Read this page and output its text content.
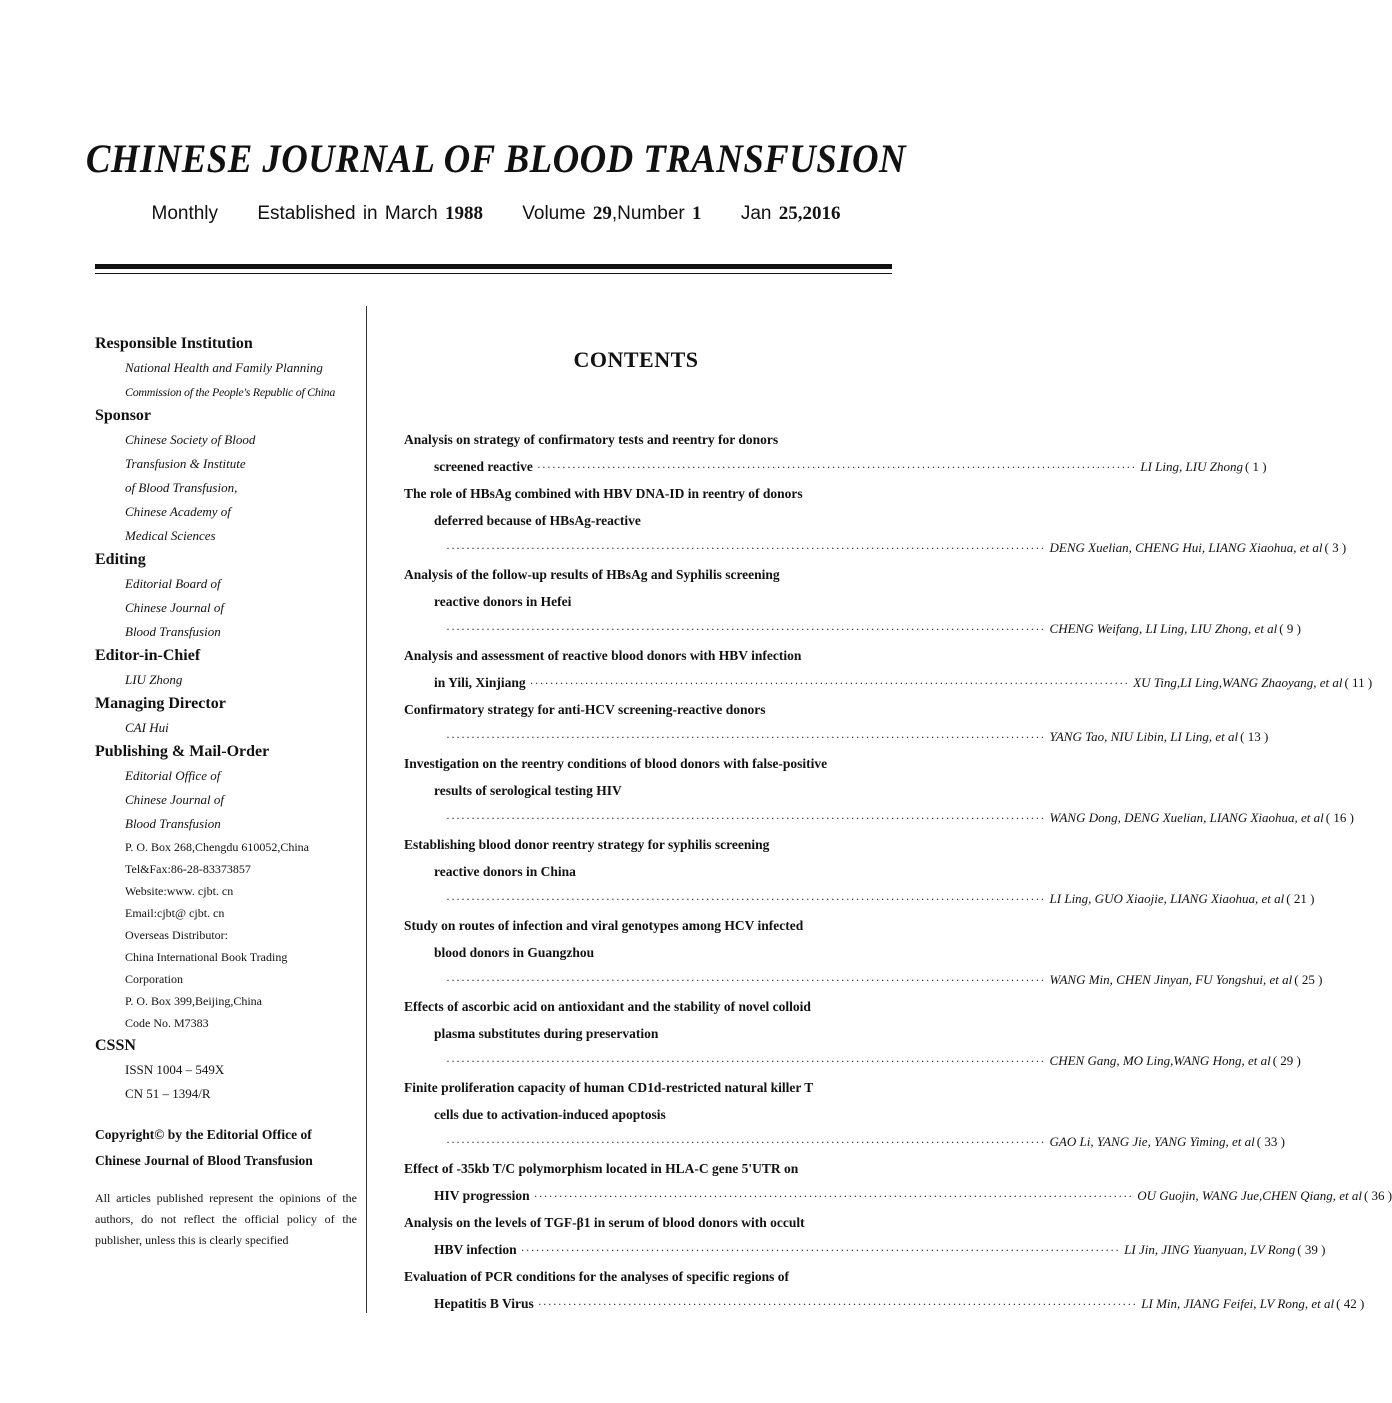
CHINESE JOURNAL OF BLOOD TRANSFUSION
Monthly Established in March 1988 Volume 29,Number 1 Jan 25,2016
Responsible Institution
National Health and Family Planning
Commission of the People's Republic of China
Sponsor
Chinese Society of Blood
Transfusion & Institute
of Blood Transfusion,
Chinese Academy of
Medical Sciences
Editing
Editorial Board of
Chinese Journal of
Blood Transfusion
Editor-in-Chief
LIU Zhong
Managing Director
CAI Hui
Publishing & Mail-Order
Editorial Office of
Chinese Journal of
Blood Transfusion
P. O. Box 268,Chengdu 610052,China
Tel&Fax:86-28-83373857
Website:www. cjbt. cn
Email:cjbt@ cjbt. cn
Overseas Distributor:
China International Book Trading
Corporation
P. O. Box 399,Beijing,China
Code No. M7383
CSSN
ISSN 1004 – 549X
CN 51 – 1394/R
Copyright© by the Editorial Office of
Chinese Journal of Blood Transfusion
All articles published represent the opinions of the authors, do not reflect the official policy of the publisher, unless this is clearly specified
CONTENTS
Analysis on strategy of confirmatory tests and reentry for donors
screened reactive ························································································································ LI Ling, LIU Zhong ( 1 )
The role of HBsAg combined with HBV DNA-ID in reentry of donors
deferred because of HBsAg-reactive
························································································································ DENG Xuelian, CHENG Hui, LIANG Xiaohua, et al ( 3 )
Analysis of the follow-up results of HBsAg and Syphilis screening
reactive donors in Hefei
························································································································ CHENG Weifang, LI Ling, LIU Zhong, et al ( 9 )
Analysis and assessment of reactive blood donors with HBV infection
in Yili, Xinjiang ························································································································ XU Ting,LI Ling,WANG Zhaoyang, et al ( 11 )
Confirmatory strategy for anti-HCV screening-reactive donors
························································································································ YANG Tao, NIU Libin, LI Ling, et al ( 13 )
Investigation on the reentry conditions of blood donors with false-positive
results of serological testing HIV
························································································································ WANG Dong, DENG Xuelian, LIANG Xiaohua, et al ( 16 )
Establishing blood donor reentry strategy for syphilis screening
reactive donors in China
························································································································ LI Ling, GUO Xiaojie, LIANG Xiaohua, et al ( 21 )
Study on routes of infection and viral genotypes among HCV infected
blood donors in Guangzhou
························································································································ WANG Min, CHEN Jinyan, FU Yongshui, et al ( 25 )
Effects of ascorbic acid on antioxidant and the stability of novel colloid
plasma substitutes during preservation
························································································································ CHEN Gang, MO Ling,WANG Hong, et al ( 29 )
Finite proliferation capacity of human CD1d-restricted natural killer T
cells due to activation-induced apoptosis
························································································································ GAO Li, YANG Jie, YANG Yiming, et al ( 33 )
Effect of -35kb T/C polymorphism located in HLA-C gene 5'UTR on
HIV progression ························································································································ OU Guojin, WANG Jue,CHEN Qiang, et al ( 36 )
Analysis on the levels of TGF-β1 in serum of blood donors with occult
HBV infection ························································································································ LI Jin, JING Yuanyuan, LV Rong ( 39 )
Evaluation of PCR conditions for the analyses of specific regions of
Hepatitis B Virus ························································································································ LI Min, JIANG Feifei, LV Rong, et al ( 42 )
